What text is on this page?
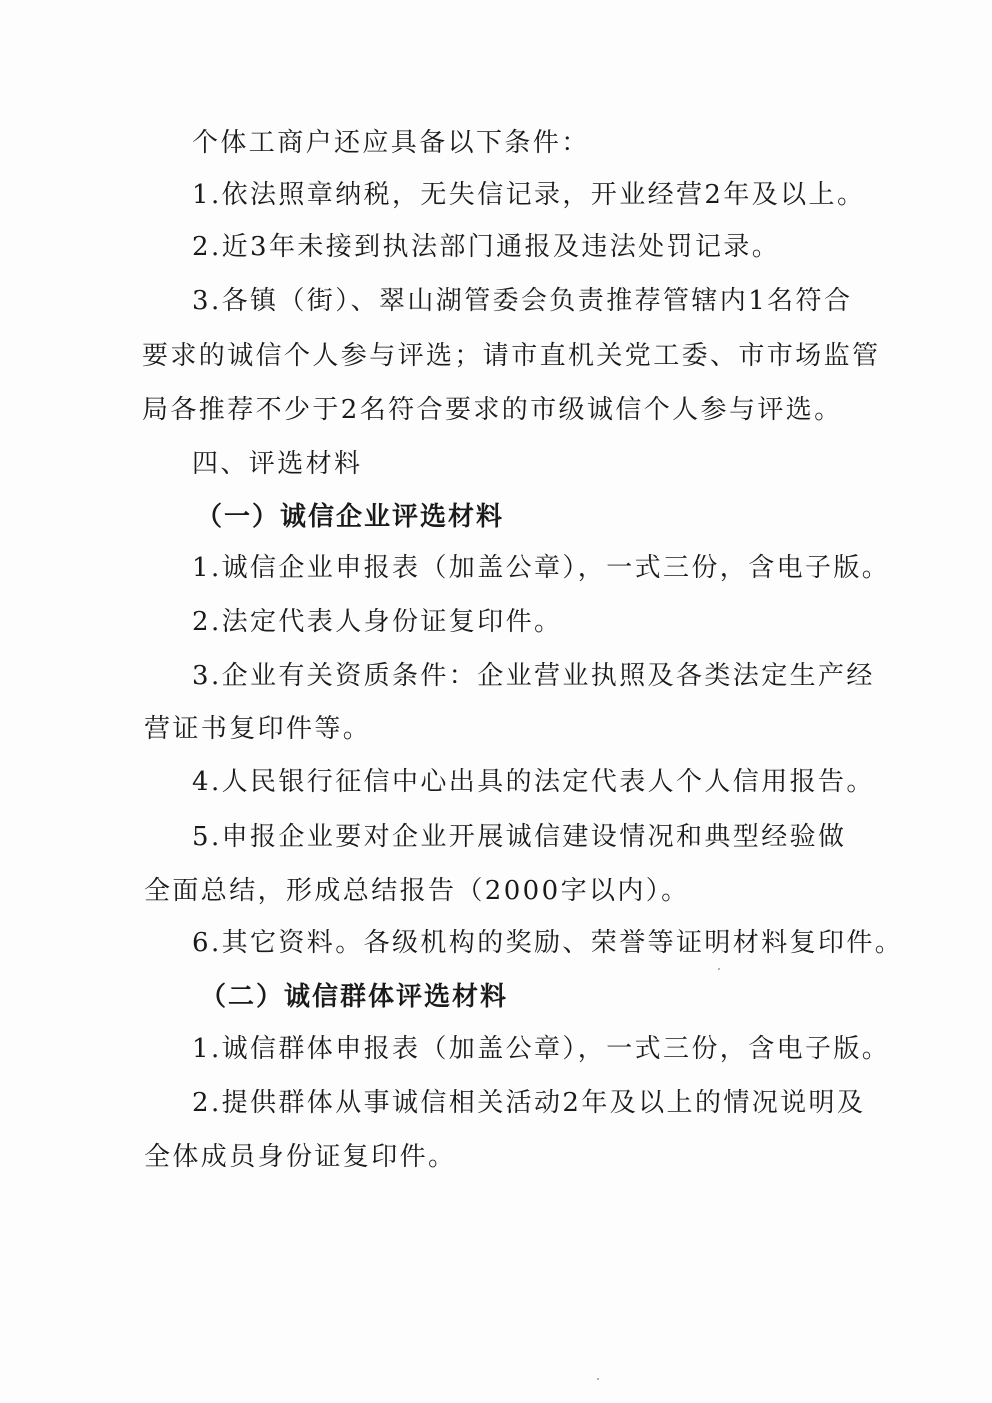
个体工商户还应具备以下条件：
1.依法照章纳税，无失信记录，开业经营2年及以上。
2.近3年未接到执法部门通报及违法处罚记录。
3.各镇（街）、翠山湖管委会负责推荐管辖内1名符合
要求的诚信个人参与评选；请市直机关党工委、市市场监管
局各推荐不少于2名符合要求的市级诚信个人参与评选。
四、评选材料
（一）诚信企业评选材料
1.诚信企业申报表（加盖公章），一式三份，含电子版。
2.法定代表人身份证复印件。
3.企业有关资质条件：企业营业执照及各类法定生产经
营证书复印件等。
4.人民银行征信中心出具的法定代表人个人信用报告。
5.申报企业要对企业开展诚信建设情况和典型经验做
全面总结，形成总结报告（2000字以内）。
6.其它资料。各级机构的奖励、荣誉等证明材料复印件。
（二）诚信群体评选材料
1.诚信群体申报表（加盖公章），一式三份，含电子版。
2.提供群体从事诚信相关活动2年及以上的情况说明及
全体成员身份证复印件。
